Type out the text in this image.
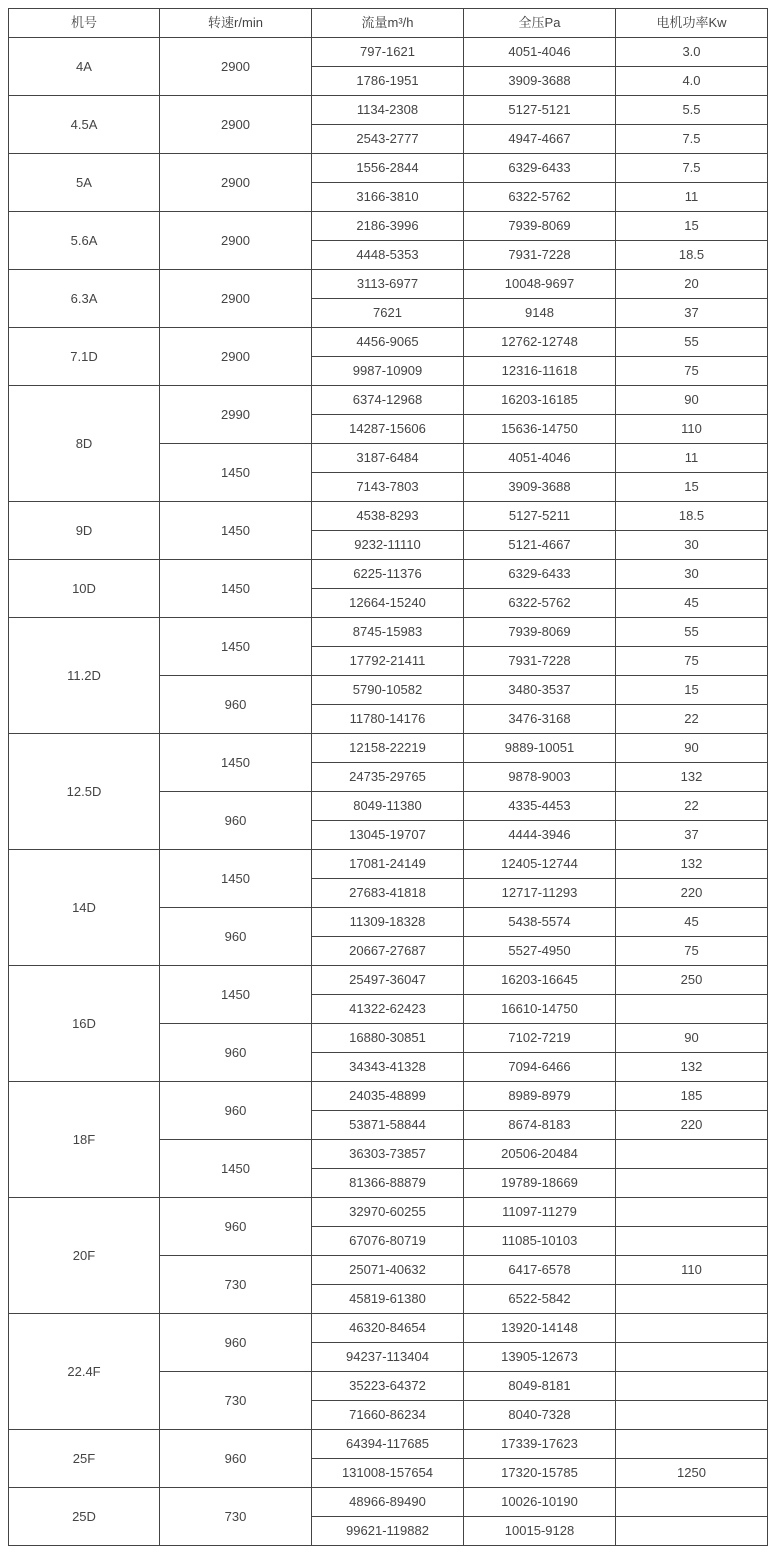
机号	转速r/min	流量m³/h	全压Pa	电机功率Kw
4A	2900	797-1621	4051-4046	3.0
		1786-1951	3909-3688	4.0
4.5A	2900	1134-2308	5127-5121	5.5
		2543-2777	4947-4667	7.5
5A	2900	1556-2844	6329-6433	7.5
		3166-3810	6322-5762	11
5.6A	2900	2186-3996	7939-8069	15
		4448-5353	7931-7228	18.5
6.3A	2900	3113-6977	10048-9697	20
		7621	9148	37
7.1D	2900	4456-9065	12762-12748	55
		9987-10909	12316-11618	75
8D	2990	6374-12968	16203-16185	90
		14287-15606	15636-14750	110
	1450	3187-6484	4051-4046	11
		7143-7803	3909-3688	15
9D	1450	4538-8293	5127-5211	18.5
		9232-11110	5121-4667	30
10D	1450	6225-11376	6329-6433	30
		12664-15240	6322-5762	45
11.2D	1450	8745-15983	7939-8069	55
		17792-21411	7931-7228	75
	960	5790-10582	3480-3537	15
		11780-14176	3476-3168	22
12.5D	1450	12158-22219	9889-10051	90
		24735-29765	9878-9003	132
	960	8049-11380	4335-4453	22
		13045-19707	4444-3946	37
14D	1450	17081-24149	12405-12744	132
		27683-41818	12717-11293	220
	960	11309-18328	5438-5574	45
		20667-27687	5527-4950	75
16D	1450	25497-36047	16203-16645	250
		41322-62423	16610-14750	
	960	16880-30851	7102-7219	90
		34343-41328	7094-6466	132
18F	960	24035-48899	8989-8979	185
		53871-58844	8674-8183	220
	1450	36303-73857	20506-20484	
		81366-88879	19789-18669	
20F	960	32970-60255	11097-11279	
		67076-80719	11085-10103	
	730	25071-40632	6417-6578	110
		45819-61380	6522-5842	
22.4F	960	46320-84654	13920-14148	
		94237-113404	13905-12673	
	730	35223-64372	8049-8181	
		71660-86234	8040-7328	
25F	960	64394-117685	17339-17623	
		131008-157654	17320-15785	1250
25D	730	48966-89490	10026-10190	
		99621-119882	10015-9128	
